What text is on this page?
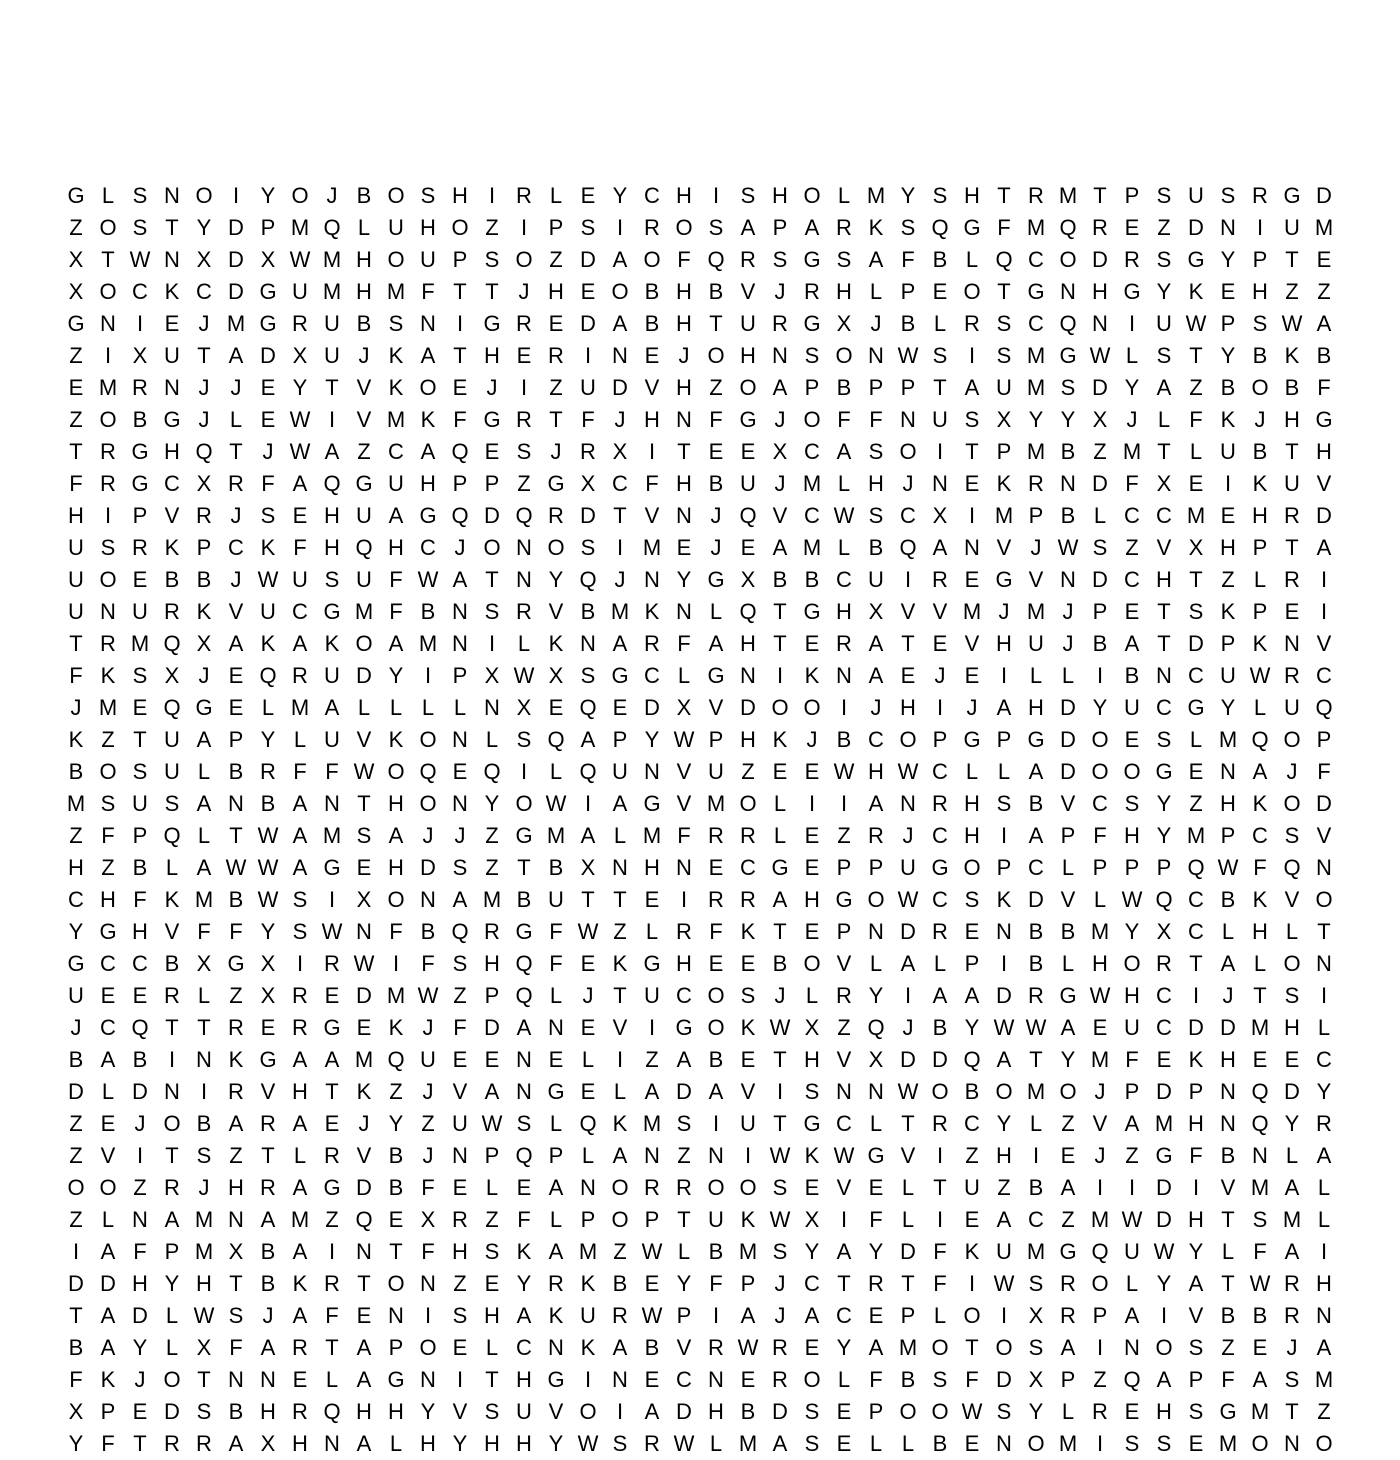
G L S N O I Y O J B O S H I R L E Y C H I S H O L M Y S H T R M T P S U S R G D
Z O S T Y D P M Q L U H O Z	I P S I R O S A P A R K S Q G F M Q R E Z D N I U M
X T W N X D X W M H O U P S O Z D A O F Q R S G S A F B L Q C O D R S G Y P T E
X O C K C D G U M H M F T T J H E O B H B V J R H L P E O T G N H G Y K E H Z Z
G N I E J M G R U B S N I G R E D A B H T U R G X J B L R S C Q N I U W P S W A
Z	I X U T A D X U J K A T H E R I N E J O H N S O N W S I S M G W L S T Y B K B
E M R N J J E Y T V K O E J	I	Z U D V H Z O A P B P P T A U M S D Y A Z B O B F
Z O B G J L E W I V M K F G R T F J H N F G J O F F N U S X Y Y X J L F K J H G
T R G H Q T J W A Z C A Q E S J R X I	T E E X C A S O I	T P M B Z M T L U B T H
F R G C X R F A Q G U H P P Z G X C F H B U J M L H J N E K R N D F X E I K U V
H I P V R J S E H U A G Q D Q R D T V N J Q V C W S C X I M P B L C C M E H R D
U S R K P C K F H Q H C J O N O S I M E J E A M L B Q A N V J W S Z V X H P T A
U O E B B J W U S U F W A T N Y Q J N Y G X B B C U I R E G V N D C H T Z L R I
U N U R K V U C G M F B N S R V B M K N L Q T G H X V V M J M J P E T S K P E I
T R M Q X A K A K O A M N I	L K N A R F A H T E R A T E V H U J B A T D P K N V
F K S X J E Q R U D Y I P X W X S G C L G N I K N A E J E I	L L	I B N C U W R C
J M E Q G E L M A L L L L N X E Q E D X V D O O I	J H I	J A H D Y U C G Y L U Q
K Z T U A P Y L U V K O N L S Q A P Y W P H K J B C O P G P G D O E S L M Q O P
B O S U L B R F F W O Q E Q I	L Q U N V U Z E E W H W C L L A D O O G E N A J F
M S U S A N B A N T H O N Y O W I A G V M O L	I	I A N R H S B V C S Y Z H K O D
Z F P Q L T W A M S A J J Z G M A L M F R R L E Z R J C H I A P F H Y M P C S V
H Z B L A W W A G E H D S Z T B X N H N E C G E P P U G O P C L P P P Q W F Q N
C H F K M B W S I X O N A M B U T T E I R R A H G O W C S K D V L W Q C B K V O
Y G H V F F Y S W N F B Q R G F W Z L R F K T E P N D R E N B B M Y X C L H L T
G C C B X G X I R W I	F S H Q F E K G H E E B O V L A L P I B L H O R T A L O N
U E E R L Z X R E D M W Z P Q L J T U C O S J L R Y I A A D R G W H C I	J T S I
J C Q T T R E R G E K J F D A N E V I G O K W X Z Q J B Y W W A E U C D D M H L
B A B I N K G A A M Q U E E N E L	I	Z A B E T H V X D D Q A T Y M F E K H E E C
D L D N I R V H T K Z J V A N G E L A D A V I S N N W O B O M O J P D P N Q D Y
Z E J O B A R A E J Y Z U W S L Q K M S I U T G C L T R C Y L Z V A M H N Q Y R
Z V I	T S Z T L R V B J N P Q P L A N Z N I W K W G V I	Z H I E J Z G F B N L A
O O Z R J H R A G D B F E L E A N O R R O O S E V E L T U Z B A I	I D I V M A L
Z L N A M N A M Z Q E X R Z F L P O P T U K W X I	F L	I E A C Z M W D H T S M L
I A F P M X B A I N T F H S K A M Z W L B M S Y A Y D F K U M G Q U W Y L F A I
D D H Y H T B K R T O N Z E Y R K B E Y F P J C T R T F	I W S R O L Y A T W R H
T A D L W S J A F E N I S H A K U R W P I A J A C E P L O I X R P A I V B B R N
B A Y L X F A R T A P O E L C N K A B V R W R E Y A M O T O S A I N O S Z E J A
F K J O T N N E L A G N I	T H G I N E C N E R O L F B S F D X P Z Q A P F A S M
X P E D S B H R Q H H Y V S U V O I A D H B D S E P O O W S Y L R E H S G M T Z
Y F T R R A X H N A L H Y H H Y W S R W L M A S E L L B E N O M I S S E M O N O
